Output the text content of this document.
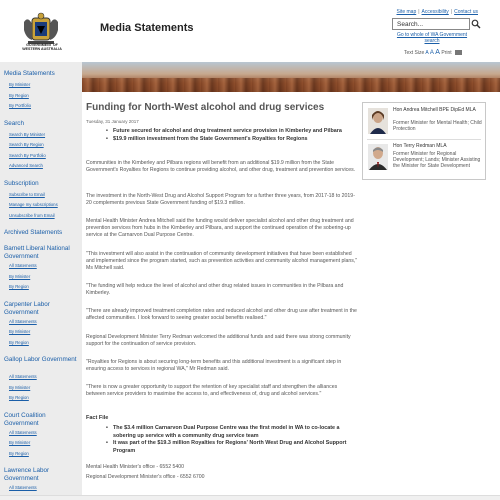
GOVERNMENT OF WESTERN AUSTRALIA
Media Statements
Site map | Accessibility | Contact us
Search...
Go to whole of WA Government search
Text Size A A A Print
Media Statements
By Minister
By Region
By Portfolio
Search
Search By Minister
Search By Region
Search By Portfolio
Advanced Search
Subscription
Subscribe to Email
Manage my subscriptions
Unsubscribe from Email
Archived Statements
Barnett Liberal National Government
All Statements
By Minister
By Region
Carpenter Labor Government
All Statements
By Minister
By Region
Gallop Labor Government
All Statements
By Minister
By Region
Court Coalition Government
All Statements
By Minister
By Region
Lawrence Labor Government
All Statements
Funding for North-West alcohol and drug services
Tuesday, 31 January 2017
• Future secured for alcohol and drug treatment service provision in Kimberley and Pilbara
• $19.9 million investment from the State Government's Royalties for Regions
Communities in the Kimberley and Pilbara regions will benefit from an additional $19.9 million from the State Government's Royalties for Regions to continue providing alcohol, and other drug, treatment and prevention services.
The investment in the North-West Drug and Alcohol Support Program for a further three years, from 2017-18 to 2019-20 complements previous State Government funding of $19.3 million.
Mental Health Minister Andrea Mitchell said the funding would deliver specialist alcohol and other drug treatment and prevention services from hubs in the Kimberley and Pilbara, and support the continued operation of the sobering-up service at the Carnarvon Dual Purpose Centre.
"This investment will also assist in the continuation of community development initiatives that have been established and implemented since the program started, such as prevention activities and community alcohol management plans," Ms Mitchell said.
"The funding will help reduce the level of alcohol and other drug related issues in communities in the Pilbara and Kimberley.
"There are already improved treatment completion rates and reduced alcohol and other drug use after treatment in the affected communities. I look forward to seeing greater social benefits realised."
Regional Development Minister Terry Redman welcomed the additional funds and said there was strong community support for the continuation of service provision.
"Royalties for Regions is about securing long-term benefits and this additional investment is a significant step in ensuring access to services in regional WA," Mr Redman said.
"There is now a greater opportunity to support the retention of key specialist staff and strengthen the alliances between service providers to maximise the access to, and effectiveness of, drug and alcohol services."
Fact File
• The $3.4 million Carnarvon Dual Purpose Centre was the first model in WA to co-locate a sobering up service with a community drug service team
• It was part of the $19.3 million Royalties for Regions' North West Drug and Alcohol Support Program
Mental Health Minister's office - 6552 5400
Regional Development Minister's office - 6552 6700
Hon Andrea Mitchell BPE DipEd MLA
Former Minister for Mental Health; Child Protection
Hon Terry Redman MLA
Former Minister for Regional Development; Lands; Minister Assisting the Minister for State Development
